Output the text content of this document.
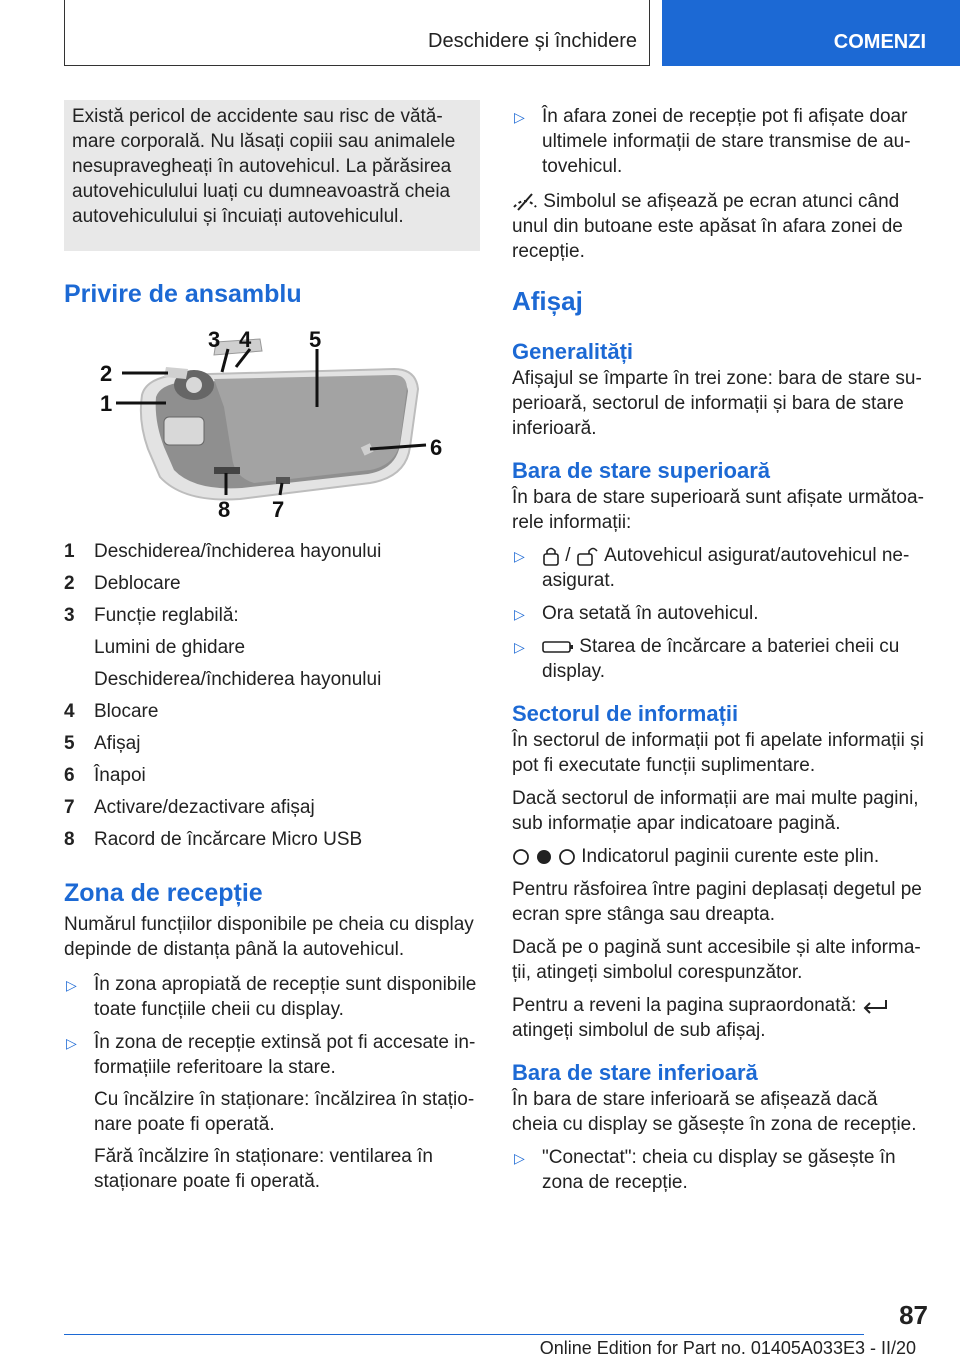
Deschidere și închidere	COMENZI

Există pericol de accidente sau risc de vătămare corporală. Nu lăsați copiii sau animalele nesupravegheați în autovehicul. La părăsirea autovehiculului luați cu dumneavoastră cheia autovehiculului și încuiați autovehiculul.

Privire de ansamblu
3 4	5
2
1
6
8 7
1	Deschiderea/închiderea hayonului
2	Deblocare
3	Funcție reglabilă:
Lumini de ghidare
Deschiderea/închiderea hayonului
4	Blocare
5	Afișaj
6	Înapoi
7	Activare/dezactivare afișaj
8	Racord de încărcare Micro USB
Zona de recepție

Numărul funcțiilor disponibile pe cheia cu display depinde de distanța până la autovehicul.

▷ În zona apropiată de recepție sunt disponibile toate funcțiile cheii cu display.
▷ În zona de recepție extinsă pot fi accesate informațiile referitoare la stare.

Cu încălzire în staționare: încălzirea în staționare poate fi operată.

Fără încălzire în staționare: ventilarea în staționare poate fi operată.

▷ În afara zonei de recepție pot fi afișate doar ultimele informații de stare transmise de autovehicul.

Simbolul se afișează pe ecran atunci când unul din butoane este apăsat în afara zonei de recepție.

Afișaj
Generalități

Afișajul se împarte în trei zone: bara de stare superioară, sectorul de informații și bara de stare inferioară.

Bara de stare superioară

În bara de stare superioară sunt afișate următoarele informații:

▷ / Autovehicul asigurat/autovehicul neasigurat.
▷ Ora setată în autovehicul.
▷	Starea de încărcare a bateriei cheii cu display.
Sectorul de informații

În sectorul de informații pot fi apelate informații și pot fi executate funcții suplimentare.

Dacă sectorul de informații are mai multe pagini, sub informație apar indicatoare pagină.

Indicatorul paginii curente este plin.

Pentru răsfoirea între pagini deplasați degetul pe ecran spre stânga sau dreapta.

Dacă pe o pagină sunt accesibile și alte informații, atingeți simbolul corespunzător.

Pentru a reveni la pagina supraordonată:
atingeți simbolul de sub afișaj.

Bara de stare inferioară

În bara de stare inferioară se afișează dacă cheia cu display se găsește în zona de recepție.

▷ "Conectat": cheia cu display se găsește în zona de recepție.
87
Online Edition for Part no. 01405A033E3 - II/20
